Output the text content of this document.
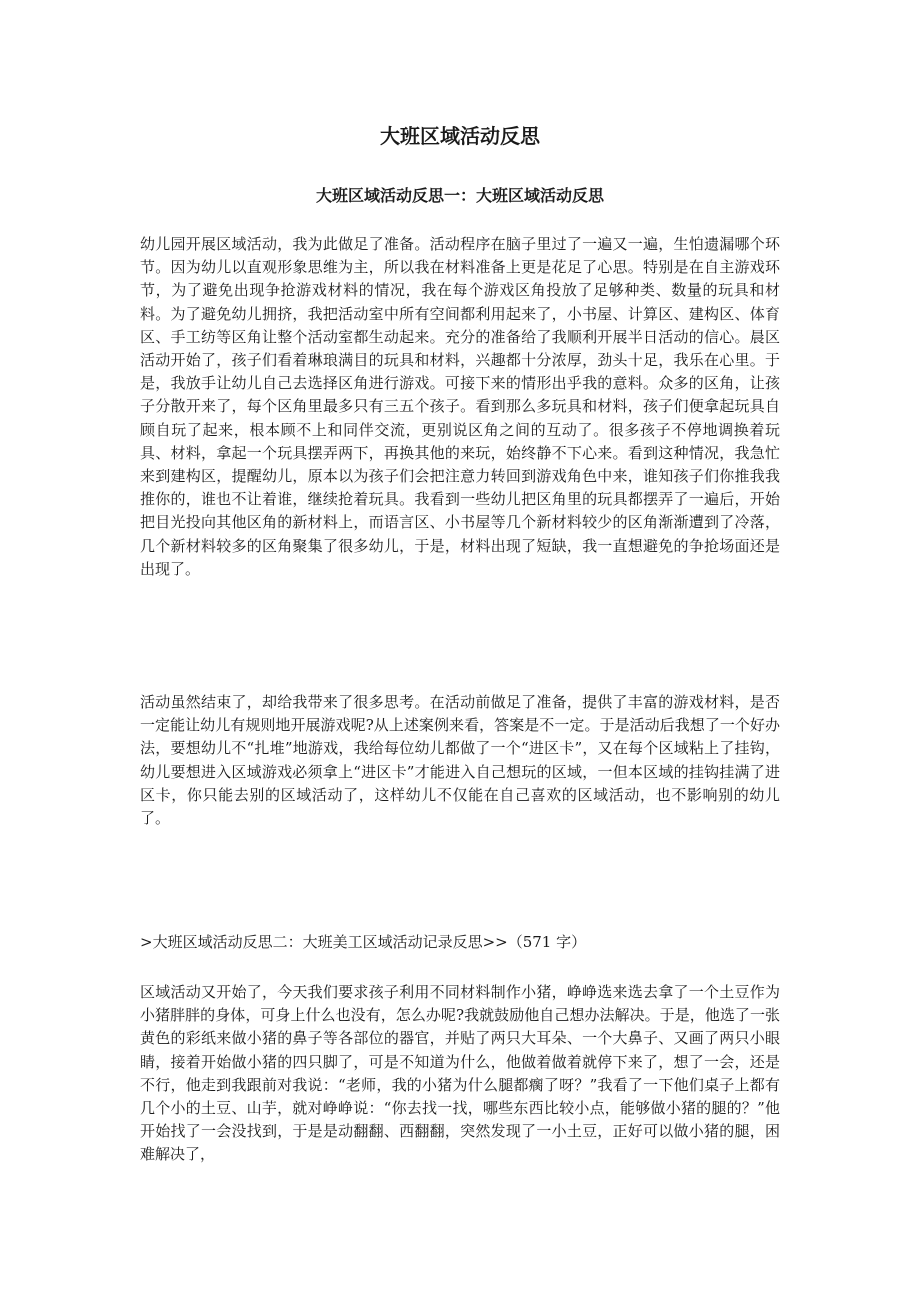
大班区域活动反思
大班区域活动反思一：大班区域活动反思

幼儿园开展区域活动，我为此做足了准备。活动程序在脑子里过了一遍又一遍，生怕遗漏哪个环节。因为幼儿以直观形象思维为主，所以我在材料准备上更是花足了心思。特别是在自主游戏环节，为了避免出现争抢游戏材料的情况，我在每个游戏区角投放了足够种类、数量的玩具和材料。为了避免幼儿拥挤，我把活动室中所有空间都利用起来了，小书屋、计算区、建构区、体育区、手工纺等区角让整个活动室都生动起来。充分的准备给了我顺利开展半日活动的信心。晨区活动开始了，孩子们看着琳琅满目的玩具和材料，兴趣都十分浓厚，劲头十足，我乐在心里。于是，我放手让幼儿自己去选择区角进行游戏。可接下来的情形出乎我的意料。众多的区角，让孩子分散开来了，每个区角里最多只有三五个孩子。看到那么多玩具和材料，孩子们便拿起玩具自顾自玩了起来，根本顾不上和同伴交流，更别说区角之间的互动了。很多孩子不停地调换着玩具、材料，拿起一个玩具摆弄两下，再换其他的来玩，始终静不下心来。看到这种情况，我急忙来到建构区，提醒幼儿，原本以为孩子们会把注意力转回到游戏角色中来，谁知孩子们你推我我推你的，谁也不让着谁，继续抢着玩具。我看到一些幼儿把区角里的玩具都摆弄了一遍后，开始把目光投向其他区角的新材料上，而语言区、小书屋等几个新材料较少的区角渐渐遭到了冷落，几个新材料较多的区角聚集了很多幼儿，于是，材料出现了短缺，我一直想避免的争抢场面还是出现了。

活动虽然结束了，却给我带来了很多思考。在活动前做足了准备，提供了丰富的游戏材料，是否一定能让幼儿有规则地开展游戏呢?从上述案例来看，答案是不一定。于是活动后我想了一个好办法，要想幼儿不“扎堆”地游戏，我给每位幼儿都做了一个“进区卡”，又在每个区域粘上了挂钩，幼儿要想进入区域游戏必须拿上“进区卡”才能进入自己想玩的区域，一但本区域的挂钩挂满了进区卡，你只能去别的区域活动了，这样幼儿不仅能在自己喜欢的区域活动，也不影响别的幼儿了。

>大班区域活动反思二：大班美工区域活动记录反思>>（571 字）

区域活动又开始了，今天我们要求孩子利用不同材料制作小猪，峥峥选来选去拿了一个土豆作为小猪胖胖的身体，可身上什么也没有，怎么办呢?我就鼓励他自己想办法解决。于是，他选了一张黄色的彩纸来做小猪的鼻子等各部位的器官，并贴了两只大耳朵、一个大鼻子、又画了两只小眼睛，接着开始做小猪的四只脚了，可是不知道为什么，他做着做着就停下来了，想了一会，还是不行，他走到我跟前对我说：“老师，我的小猪为什么腿都瘸了呀？”我看了一下他们桌子上都有几个小的土豆、山芋，就对峥峥说：“你去找一找，哪些东西比较小点，能够做小猪的腿的？”他开始找了一会没找到，于是是动翻翻、西翻翻，突然发现了一小土豆，正好可以做小猪的腿，困难解决了，
